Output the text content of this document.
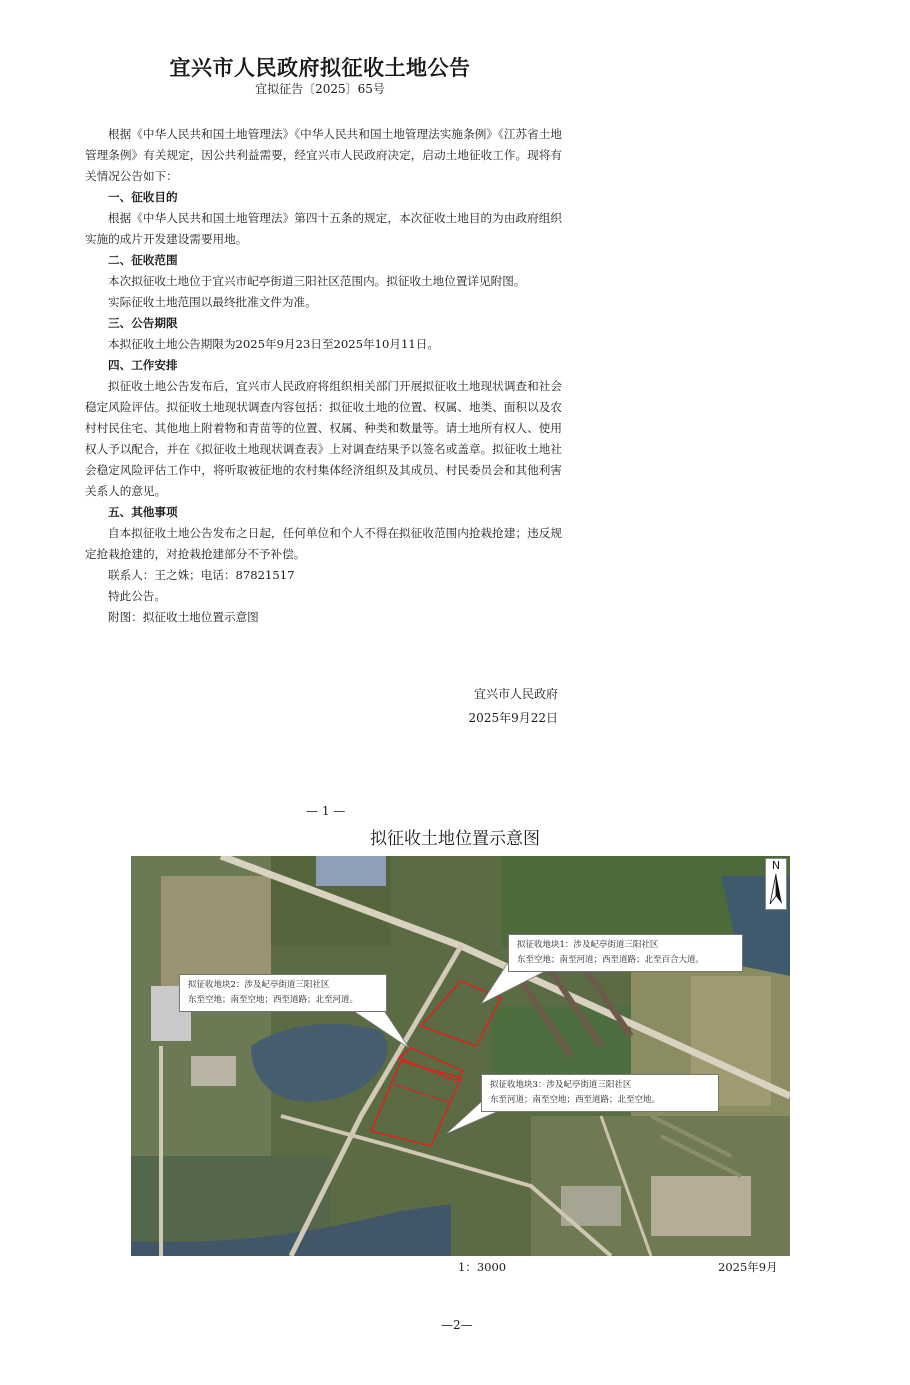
宜兴市人民政府拟征收土地公告
宜拟征告〔2025〕65号

根据《中华人民共和国土地管理法》《中华人民共和国土地管理法实施条例》《江苏省土地管理条例》有关规定，因公共利益需要，经宜兴市人民政府决定，启动土地征收工作。现将有关情况公告如下：

一、征收目的

根据《中华人民共和国土地管理法》第四十五条的规定，本次征收土地目的为由政府组织实施的成片开发建设需要用地。

二、征收范围

本次拟征收土地位于宜兴市屺亭街道三阳社区范围内。拟征收土地位置详见附图。

实际征收土地范围以最终批准文件为准。

三、公告期限

本拟征收土地公告期限为2025年9月23日至2025年10月11日。

四、工作安排

拟征收土地公告发布后，宜兴市人民政府将组织相关部门开展拟征收土地现状调查和社会稳定风险评估。拟征收土地现状调查内容包括：拟征收土地的位置、权属、地类、面积以及农村村民住宅、其他地上附着物和青苗等的位置、权属、种类和数量等。请土地所有权人、使用权人予以配合，并在《拟征收土地现状调查表》上对调查结果予以签名或盖章。拟征收土地社会稳定风险评估工作中，将听取被征地的农村集体经济组织及其成员、村民委员会和其他利害关系人的意见。

五、其他事项

自本拟征收土地公告发布之日起，任何单位和个人不得在拟征收范围内抢栽抢建；违反规定抢栽抢建的，对抢栽抢建部分不予补偿。

联系人：王之姝；电话：87821517

特此公告。

附图：拟征收土地位置示意图

宜兴市人民政府
2025年9月22日
— 1 —
拟征收土地位置示意图
拟征收地块1：涉及屺亭街道三阳社区
东至空地；南至河道；西至道路；北至百合大道。
拟征收地块2：涉及屺亭街道三阳社区
东至空地；南至空地；西至道路；北至河道。
拟征收地块3：涉及屺亭街道三阳社区
东至河道；南至空地；西至道路；北至空地。
N
1：3000	2025年9月
—2—
